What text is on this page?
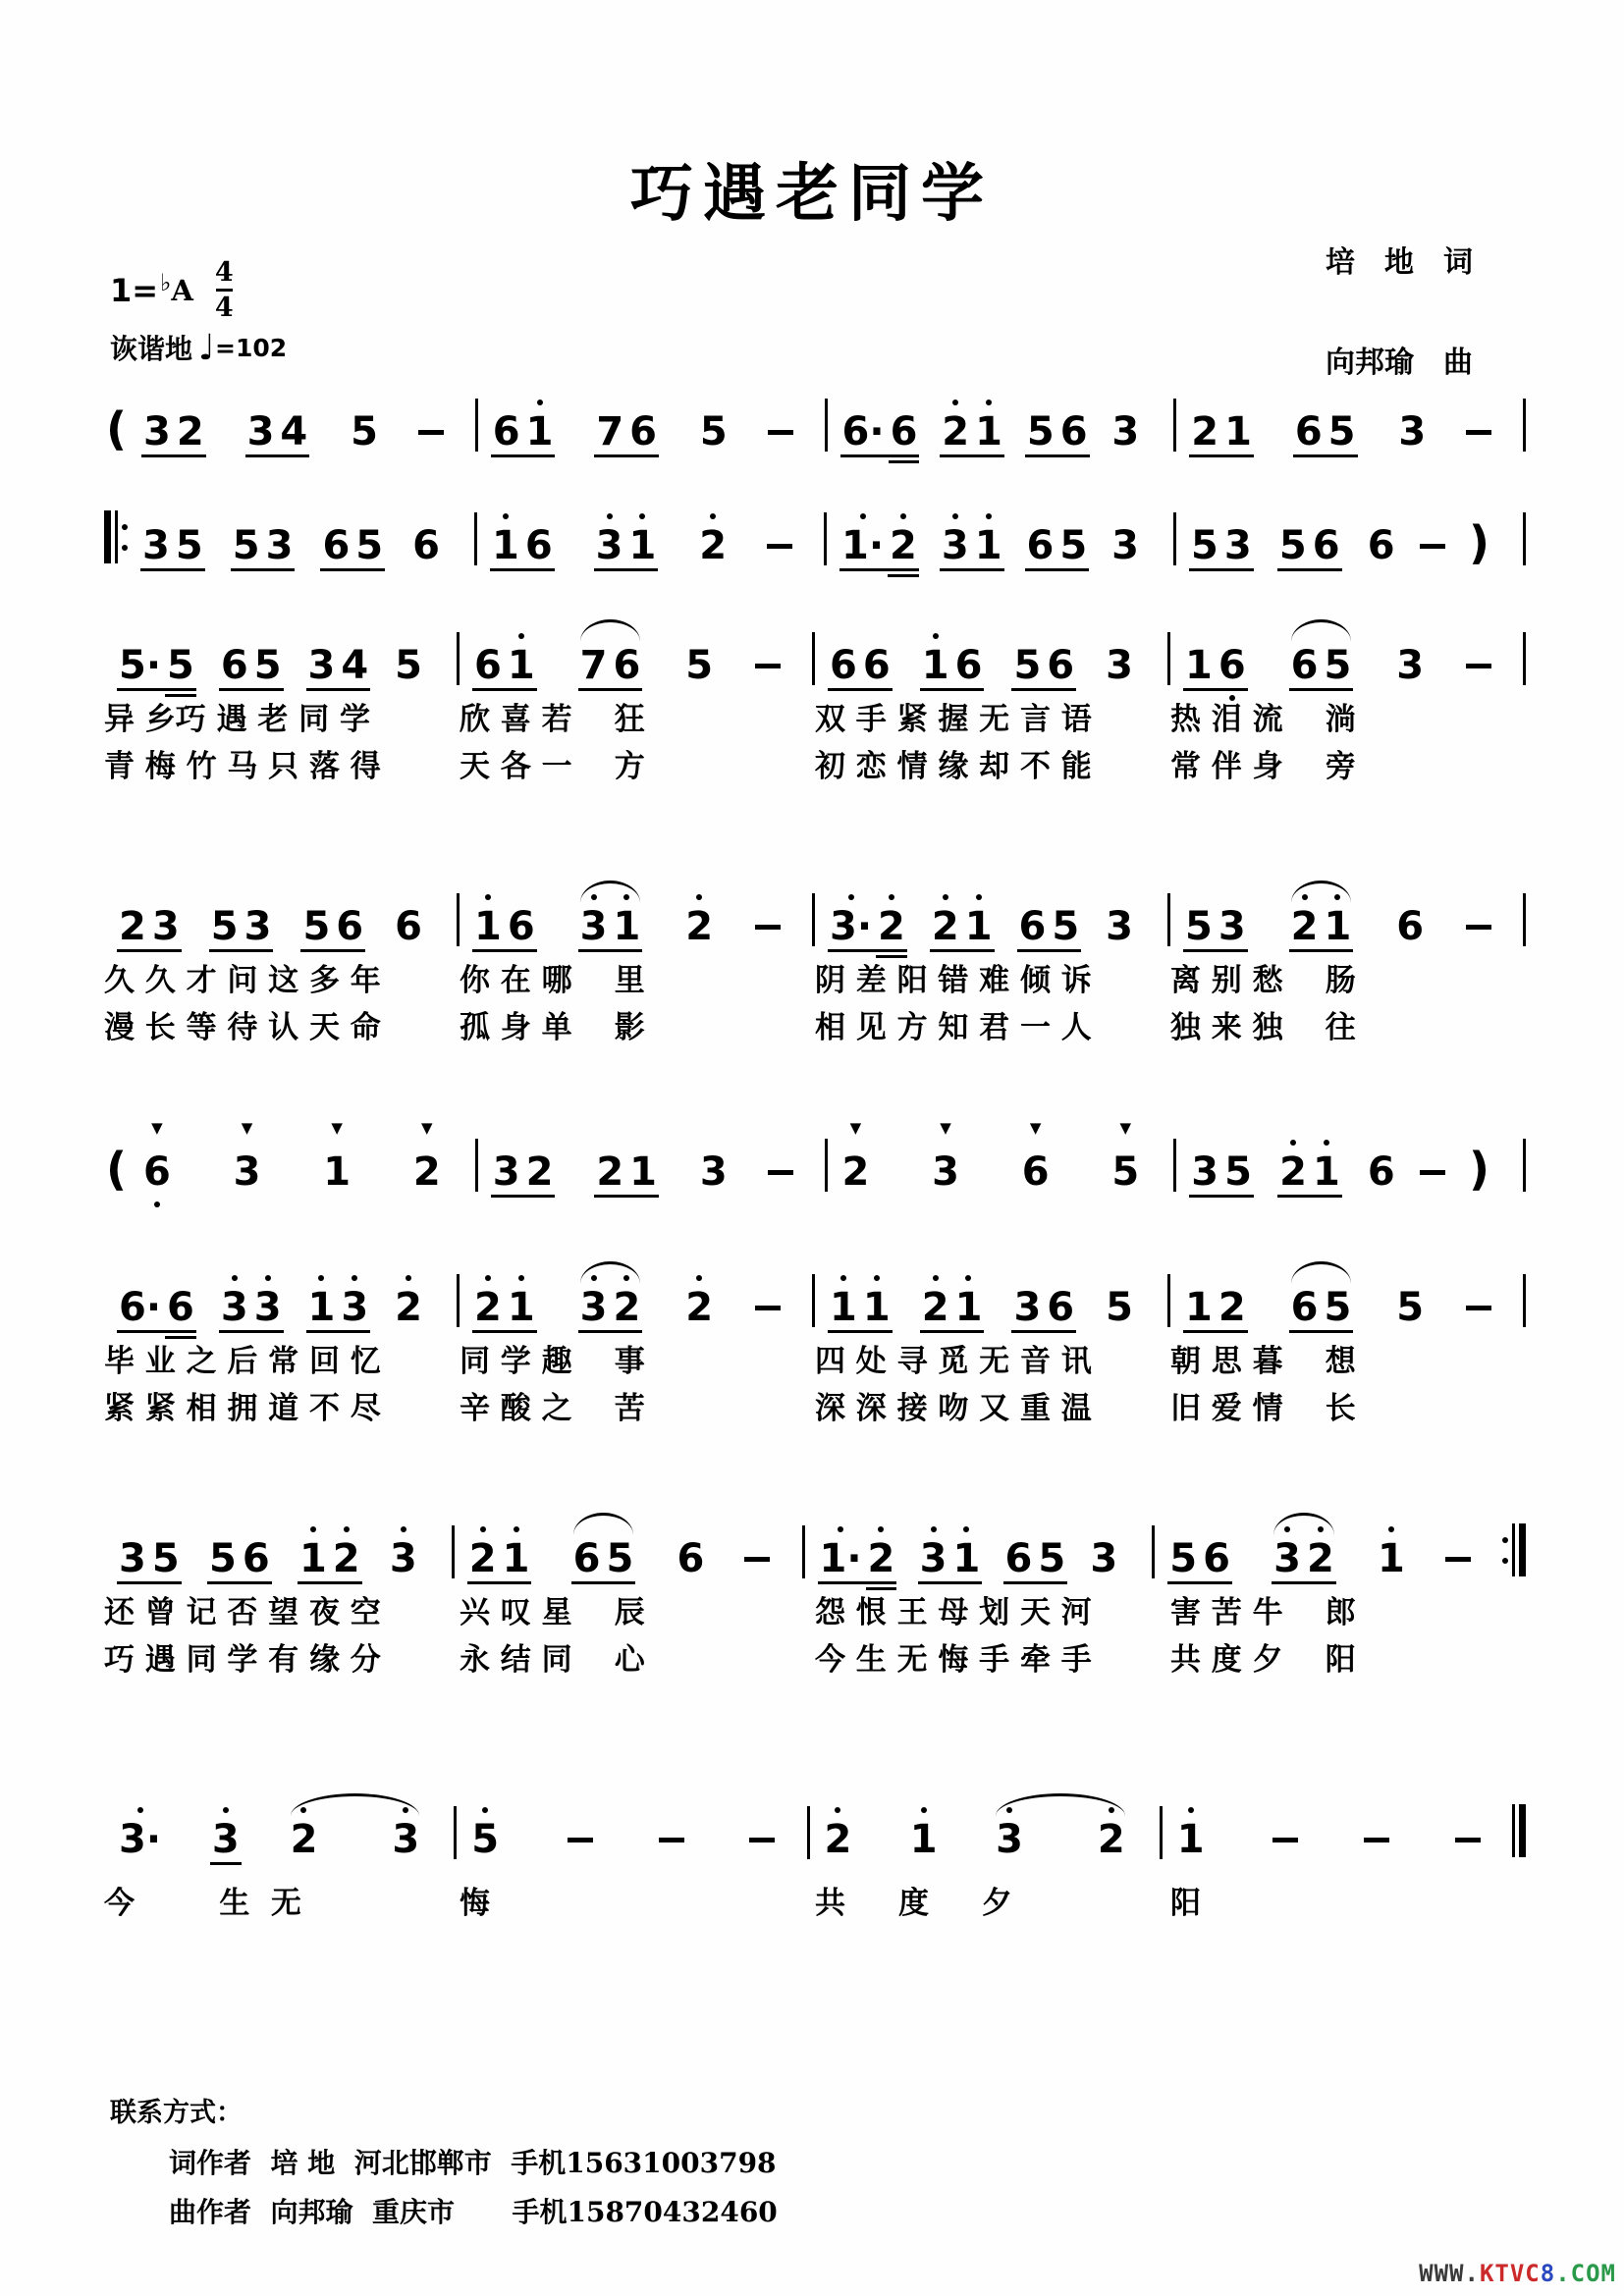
巧遇老同学
培　地　词

向邦瑜　曲
1= ♭ A $\frac{4}{4}$
诙谐地 ♩ =102
( 3 2 3 4 5	6 1 7 6 5	6· 6 2 1 5 6 3 2 1 6 5 3
3 5 5 3 6 5 6 1 6 3 1 2	1· 2 3 1 6 5 3 5 3 5 6 6 )
5· 5 6 5 3 4 5 6 1 7 6 5	6 6 1 6 5 6 3 1 6 6 5 3
异 乡巧 遇 老 同 学	欣 喜 若    狂	双 手 紧 握 无 言 语	热 泪 流    淌
青 梅 竹 马 只 落 得	天 各 一    方	初 恋 情 缘 却 不 能	常 伴 身    旁
2 3 5 3 5 6 6 1 6 3 1 2	3· 2 2 1 6 5 3 5 3 2 1 6
久 久 才 问 这 多 年	你 在 哪    里	阴 差 阳 错 难 倾 诉	离 别 愁    肠
漫 长 等 待 认 天 命	孤 身 单    影	相 见 方 知 君 一 人	独 来 独    往
( 6
▼
3
▼
1
▼
2
▼
3 2 2 1 3	2
▼
3
▼
6
▼
5
▼
3 5 2 1 6 )
6· 6 3 3 1 3 2 2 1 3 2 2	1 1 2 1 3 6 5 1 2 6 5 5
毕 业 之 后 常 回 忆	同 学 趣    事	四 处 寻 觅 无 音 讯	朝 思 暮    想
紧 紧 相 拥 道 不 尽	辛 酸 之    苦	深 深 接 吻 又 重 温	旧 爱 情    长
3 5 5 6 1 2 3 2 1 6 5 6	1· 2 3 1 6 5 3 5 6 3 2 1
还 曾 记 否 望 夜 空	兴 叹 星    辰	怨 恨 王 母 划 天 河	害 苦 牛    郎
巧 遇 同 学 有 缘 分	永 结 同    心	今 生 无 悔 手 牵 手	共 度 夕    阳
3· 3 2 3 5	2 1 3 2 1
今        生  无	悔	共     度     夕	阳
联系方式：
词作者  培 地  河北邯郸市  手机15631003798
曲作者  向邦瑜  重庆市      手机15870432460
WWW.KTVC8.COM
